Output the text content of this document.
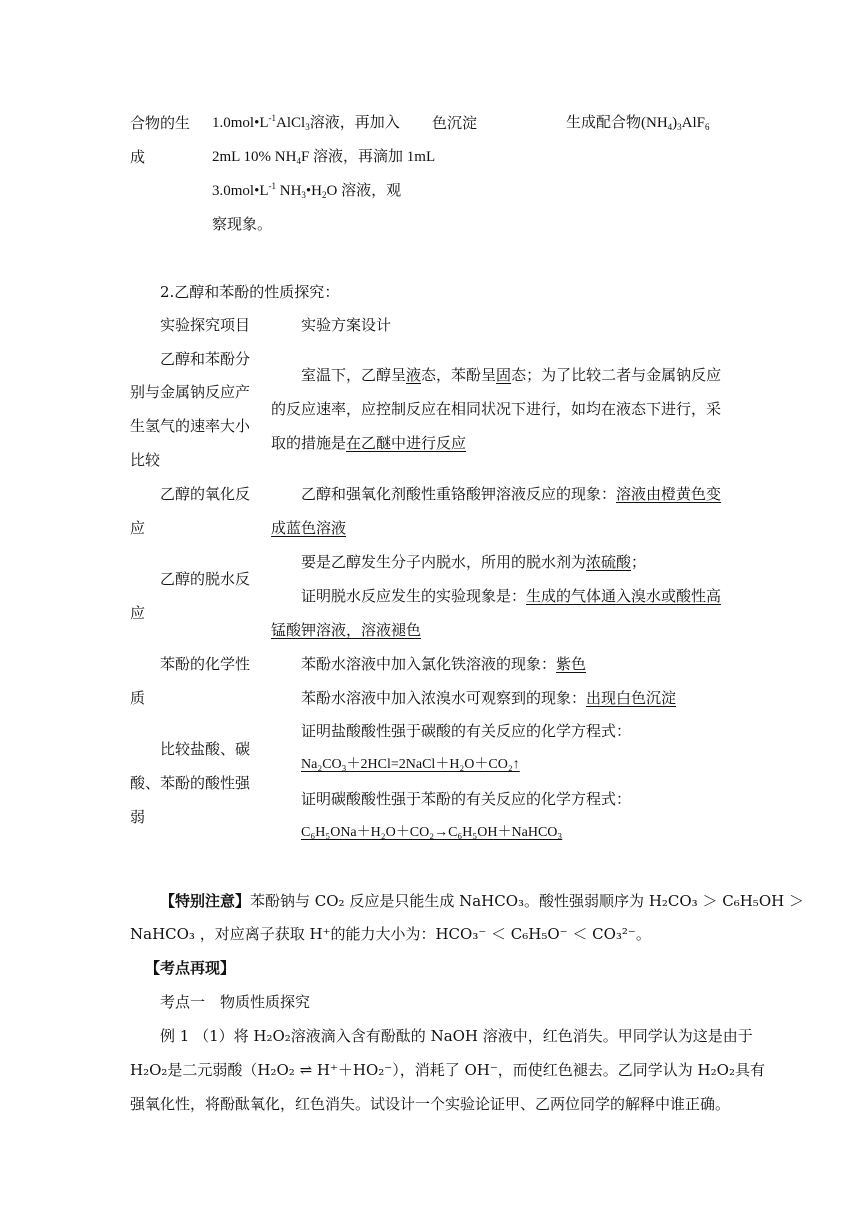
合物的生
成
$1.0mol•L^{-1}AlCl_3$溶液，再加入
2mL 10% $NH_4F$ 溶液，再滴加 1mL
$3.0mol•L^{-1}$ $NH_3•H_2O$ 溶液，观
察现象。
色沉淀	生成配合物$(NH_4)_3AlF_6$
2.乙醇和苯酚的性质探究：
实验探究项目	实验方案设计
乙醇和苯酚分
别与金属钠反应产
生氢气的速率大小
比较
室温下，乙醇呈液态，苯酚呈固态；为了比较二者与金属钠反应
的反应速率，应控制反应在相同状况下进行，如均在液态下进行，采
取的措施是在乙醚中进行反应
乙醇的氧化反
应
乙醇和强氧化剂酸性重铬酸钾溶液反应的现象：溶液由橙黄色变
成蓝色溶液
乙醇的脱水反
应
要是乙醇发生分子内脱水，所用的脱水剂为浓硫酸；
证明脱水反应发生的实验现象是：生成的气体通入溴水或酸性高
锰酸钾溶液，溶液褪色
苯酚的化学性
质
苯酚水溶液中加入氯化铁溶液的现象：紫色
苯酚水溶液中加入浓溴水可观察到的现象：出现白色沉淀
比较盐酸、碳
酸、苯酚的酸性强
弱
证明盐酸酸性强于碳酸的有关反应的化学方程式：
Na₂CO₃＋2HCl=2NaCl＋H₂O＋CO₂↑
证明碳酸酸性强于苯酚的有关反应的化学方程式：
C₆H₅ONa＋H₂O＋CO₂→C₆H₅OH＋NaHCO₃
【特别注意】苯酚钠与 CO₂ 反应是只能生成 NaHCO₃。酸性强弱顺序为 H₂CO₃ ＞ C₆H₅OH ＞
NaHCO₃ ，对应离子获取 H⁺的能力大小为：HCO₃⁻ ＜ C₆H₅O⁻ ＜ CO₃²⁻。
【考点再现】
考点一　物质性质探究
例 1 （1）将 H₂O₂溶液滴入含有酚酞的 NaOH 溶液中，红色消失。甲同学认为这是由于
H₂O₂是二元弱酸（H₂O₂ ⇌ H⁺＋HO₂⁻），消耗了 OH⁻，而使红色褪去。乙同学认为 H₂O₂具有
强氧化性，将酚酞氧化，红色消失。试设计一个实验论证甲、乙两位同学的解释中谁正确。
